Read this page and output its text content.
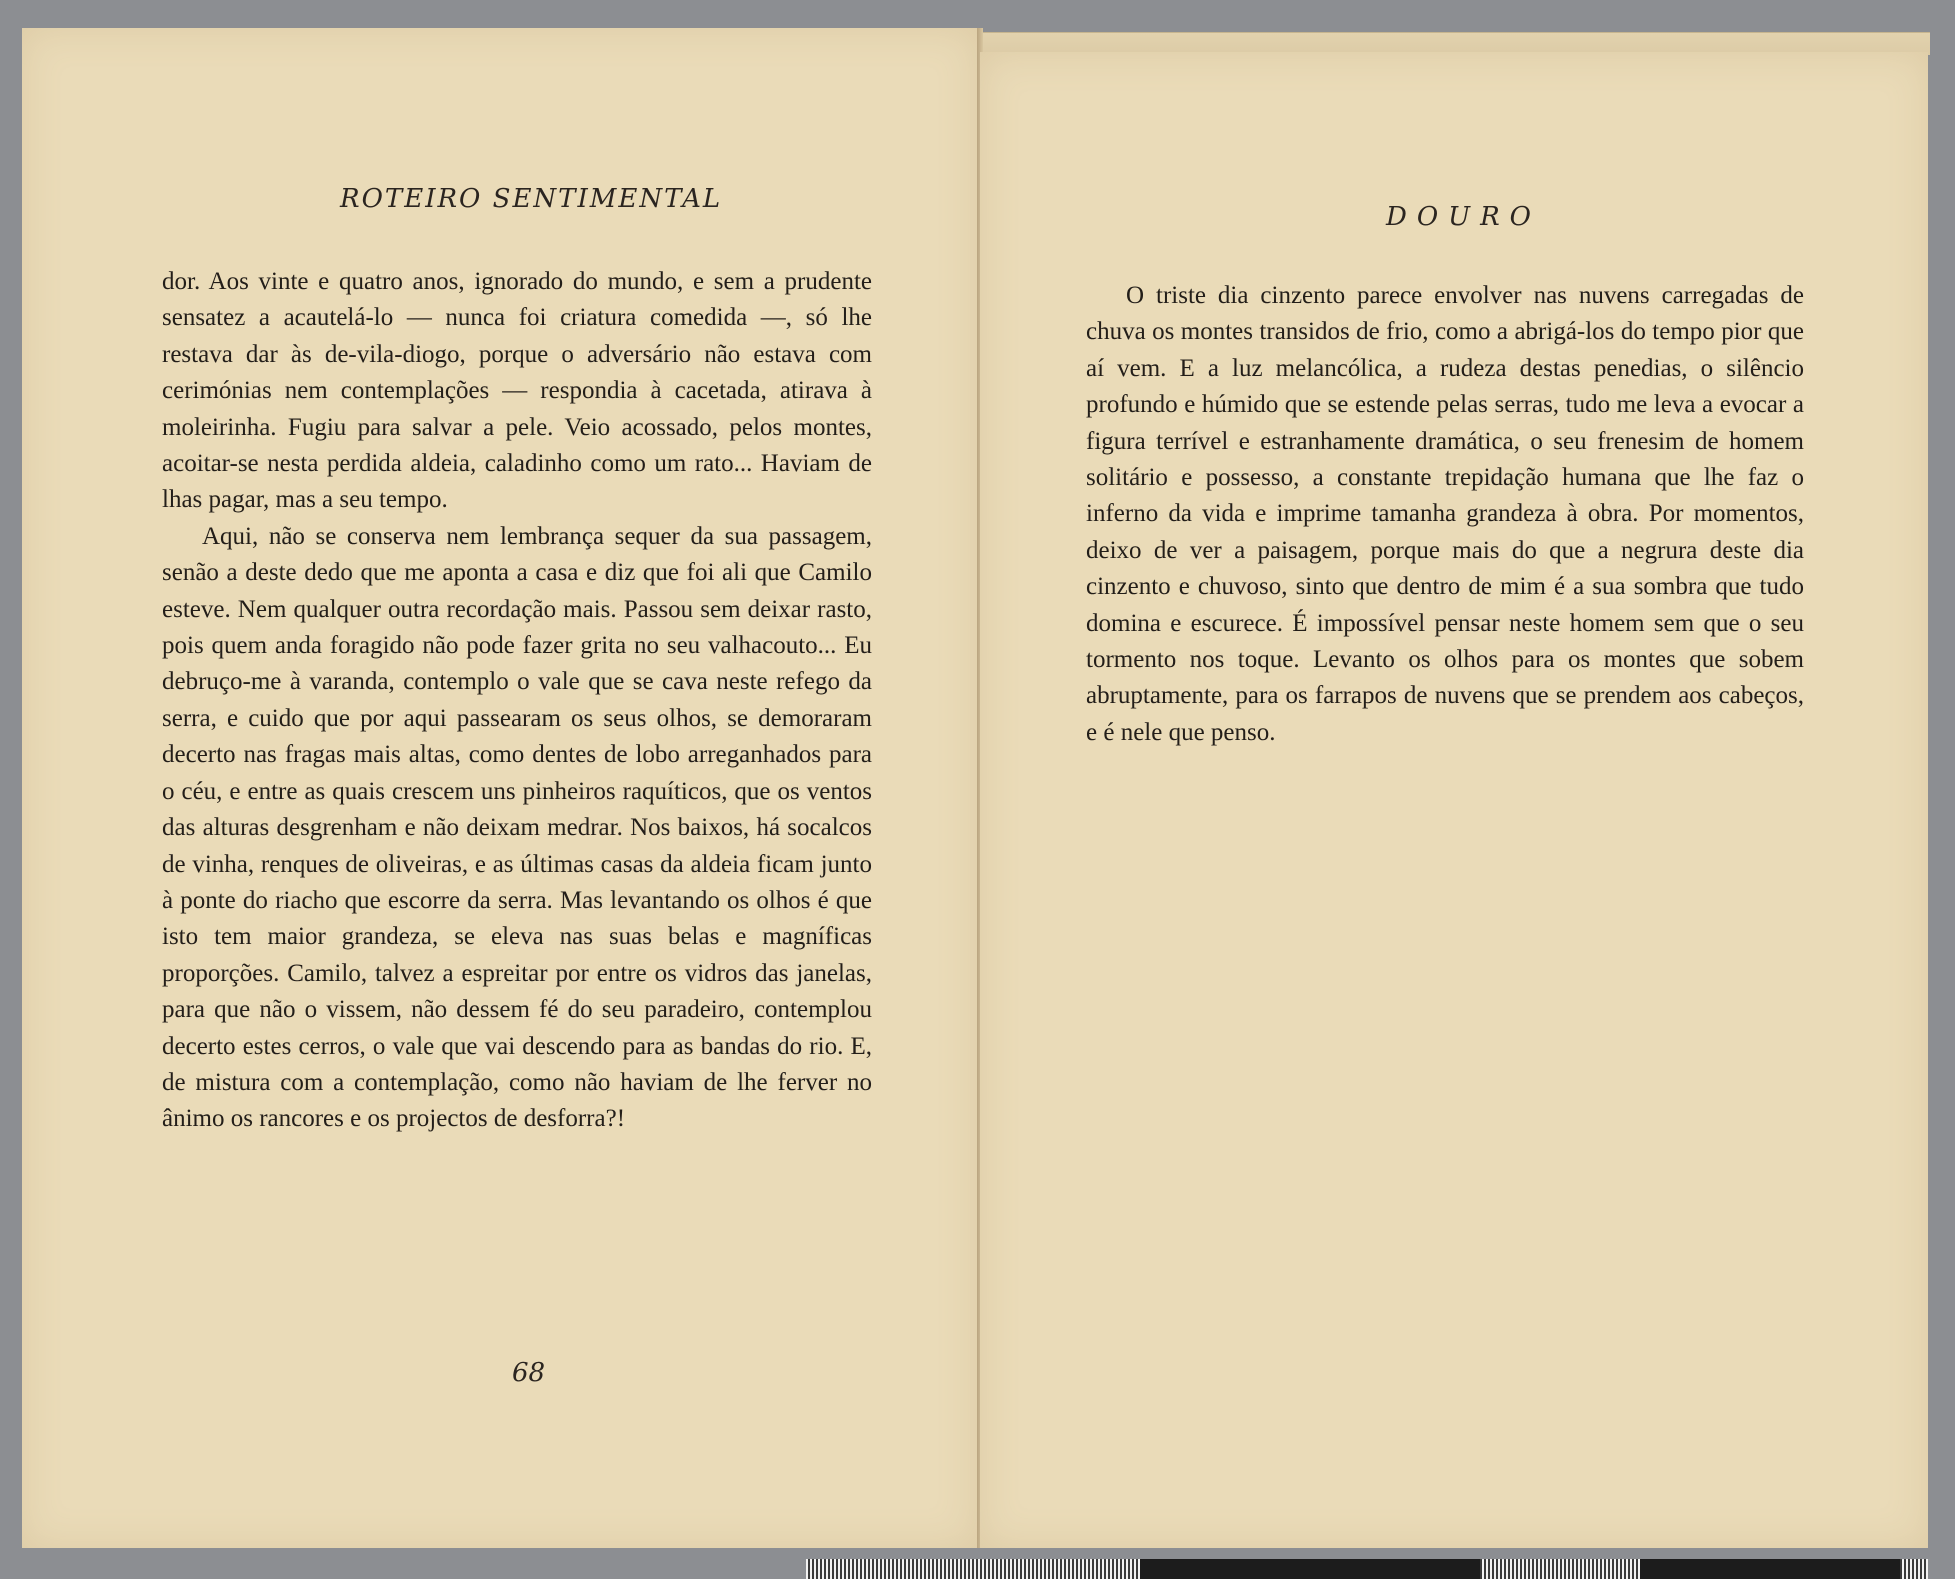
ROTEIRO SENTIMENTAL

dor. Aos vinte e quatro anos, ignorado do mundo, e sem a prudente sensatez a acautelá-lo — nunca foi criatura comedida —, só lhe restava dar às de-vila-diogo, porque o adversário não estava com cerimónias nem contemplações — respondia à cacetada, atirava à moleirinha. Fugiu para salvar a pele. Veio acossado, pelos montes, acoitar-se nesta perdida aldeia, caladinho como um rato... Haviam de lhas pagar, mas a seu tempo.

Aqui, não se conserva nem lembrança sequer da sua passagem, senão a deste dedo que me aponta a casa e diz que foi ali que Camilo esteve. Nem qualquer outra recordação mais. Passou sem deixar rasto, pois quem anda foragido não pode fazer grita no seu valhacouto... Eu debruço-me à varanda, contemplo o vale que se cava neste refego da serra, e cuido que por aqui passearam os seus olhos, se demoraram decerto nas fragas mais altas, como dentes de lobo arreganhados para o céu, e entre as quais crescem uns pinheiros raquíticos, que os ventos das alturas desgrenham e não deixam medrar. Nos baixos, há socalcos de vinha, renques de oliveiras, e as últimas casas da aldeia ficam junto à ponte do riacho que escorre da serra. Mas levantando os olhos é que isto tem maior grandeza, se eleva nas suas belas e magníficas proporções. Camilo, talvez a espreitar por entre os vidros das janelas, para que não o vissem, não dessem fé do seu paradeiro, contemplou decerto estes cerros, o vale que vai descendo para as bandas do rio. E, de mistura com a contemplação, como não haviam de lhe ferver no ânimo os rancores e os projectos de desforra?!

68
DOURO

O triste dia cinzento parece envolver nas nuvens carregadas de chuva os montes transidos de frio, como a abrigá-los do tempo pior que aí vem. E a luz melancólica, a rudeza destas penedias, o silêncio profundo e húmido que se estende pelas serras, tudo me leva a evocar a figura terrível e estranhamente dramática, o seu frenesim de homem solitário e possesso, a constante trepidação humana que lhe faz o inferno da vida e imprime tamanha grandeza à obra. Por momentos, deixo de ver a paisagem, porque mais do que a negrura deste dia cinzento e chuvoso, sinto que dentro de mim é a sua sombra que tudo domina e escurece. É impossível pensar neste homem sem que o seu tormento nos toque. Levanto os olhos para os montes que sobem abruptamente, para os farrapos de nuvens que se prendem aos cabeços, e é nele que penso.
